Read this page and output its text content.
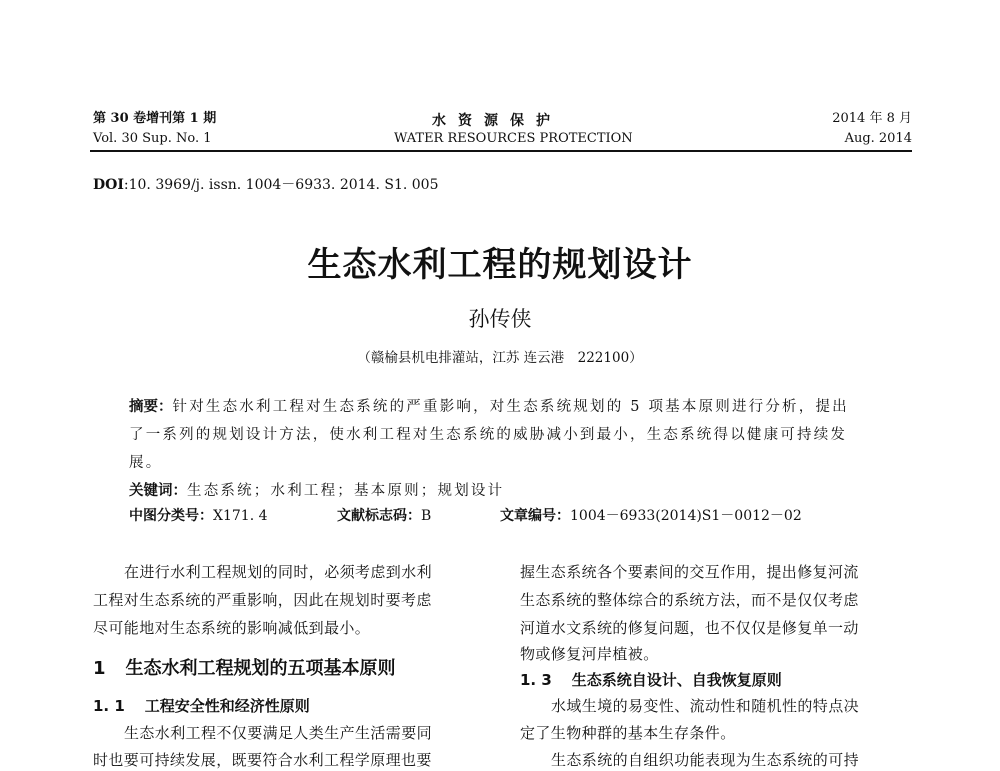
第 30 卷增刊第 1 期
Vol. 30 Sup. No. 1
水资源保护
WATER RESOURCES PROTECTION
2014 年 8 月
Aug. 2014
DOI:10. 3969/j. issn. 1004－6933. 2014. S1. 005
生态水利工程的规划设计
孙传侠
（赣榆县机电排灌站，江苏 连云港　222100）
摘要：针对生态水利工程对生态系统的严重影响，对生态系统规划的 5 项基本原则进行分析，提出
了一系列的规划设计方法，使水利工程对生态系统的威胁减小到最小，生态系统得以健康可持续发
展。
关键词：生态系统；水利工程；基本原则；规划设计
中图分类号：X171. 4	文献标志码：B	文章编号：1004－6933(2014)S1－0012－02
在进行水利工程规划的同时，必须考虑到水利
工程对生态系统的严重影响，因此在规划时要考虑
尽可能地对生态系统的影响减低到最小。
1 生态水利工程规划的五项基本原则
1. 1 工程安全性和经济性原则
生态水利工程不仅要满足人类生产生活需要同
时也要可持续发展，既要符合水利工程学原理也要
握生态系统各个要素间的交互作用，提出修复河流
生态系统的整体综合的系统方法，而不是仅仅考虑
河道水文系统的修复问题，也不仅仅是修复单一动
物或修复河岸植被。
1. 3 生态系统自设计、自我恢复原则
水域生境的易变性、流动性和随机性的特点决
定了生物种群的基本生存条件。
生态系统的自组织功能表现为生态系统的可持
